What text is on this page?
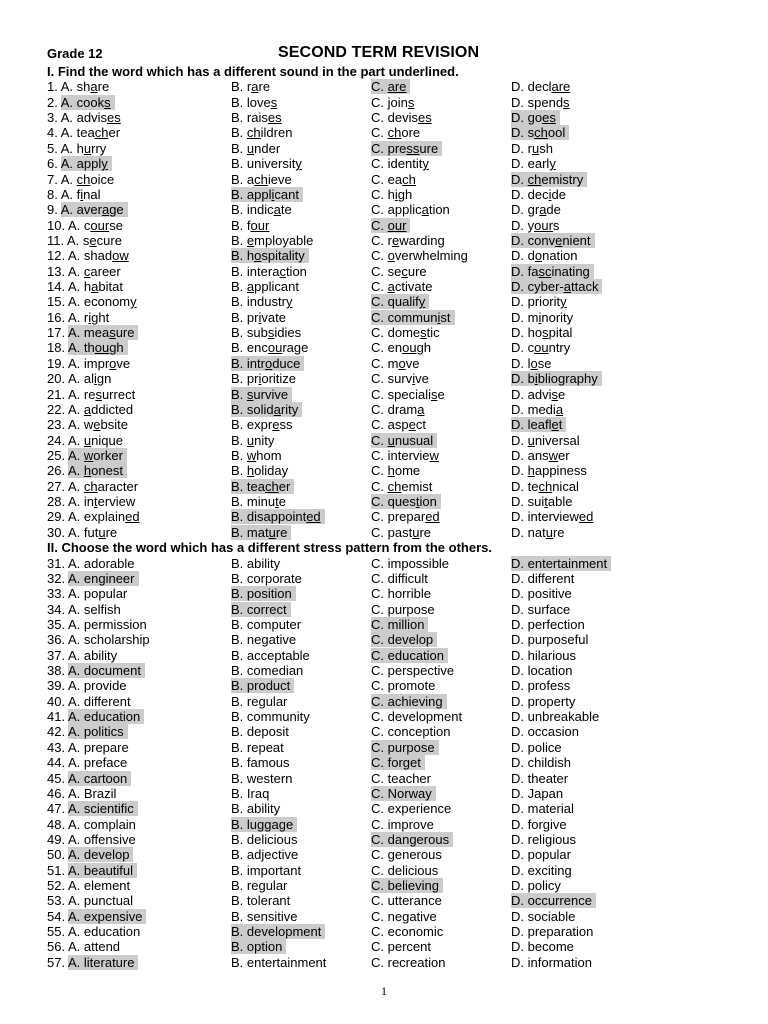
Grade 12	SECOND TERM REVISION
I. Find the word which has a different sound in the part underlined.
1. A. share	B. rare	C. are	D. declare
2. A. cooks	B. loves	C. joins	D. spends
3. A. advises	B. raises	C. devises	D. goes
4. A. teacher	B. children	C. chore	D. school
5. A. hurry	B. under	C. pressure	D. rush
6. A. apply	B. university	C. identity	D. early
7. A. choice	B. achieve	C. each	D. chemistry
8. A. final	B. applicant	C. high	D. decide
9. A. average	B. indicate	C. application	D. grade
10. A. course	B. four	C. our	D. yours
11. A. secure	B. employable	C. rewarding	D. convenient
12. A. shadow	B. hospitality	C. overwhelming	D. donation
13. A. career	B. interaction	C. secure	D. fascinating
14. A. habitat	B. applicant	C. activate	D. cyber-attack
15. A. economy	B. industry	C. qualify	D. priority
16. A. right	B. private	C. communist	D. minority
17. A. measure	B. subsidies	C. domestic	D. hospital
18. A. though	B. encourage	C. enough	D. country
19. A. improve	B. introduce	C. move	D. lose
20. A. align	B. prioritize	C. survive	D. bibliography
21. A. resurrect	B. survive	C. specialise	D. advise
22. A. addicted	B. solidarity	C. drama	D. media
23. A. website	B. express	C. aspect	D. leaflet
24. A. unique	B. unity	C. unusual	D. universal
25. A. worker	B. whom	C. interview	D. answer
26. A. honest	B. holiday	C. home	D. happiness
27. A. character	B. teacher	C. chemist	D. technical
28. A. interview	B. minute	C. question	D. suitable
29. A. explained	B. disappointed	C. prepared	D. interviewed
30. A. future	B. mature	C. pasture	D. nature
II. Choose the word which has a different stress pattern from the others.
31. A. adorable	B. ability	C. impossible	D. entertainment
32. A. engineer	B. corporate	C. difficult	D. different
33. A. popular	B. position	C. horrible	D. positive
34. A. selfish	B. correct	C. purpose	D. surface
35. A. permission	B. computer	C. million	D. perfection
36. A. scholarship	B. negative	C. develop	D. purposeful
37. A. ability	B. acceptable	C. education	D. hilarious
38. A. document	B. comedian	C. perspective	D. location
39. A. provide	B. product	C. promote	D. profess
40. A. different	B. regular	C. achieving	D. property
41. A. education	B. community	C. development	D. unbreakable
42. A. politics	B. deposit	C. conception	D. occasion
43. A. prepare	B. repeat	C. purpose	D. police
44. A. preface	B. famous	C. forget	D. childish
45. A. cartoon	B. western	C. teacher	D. theater
46. A. Brazil	B. Iraq	C. Norway	D. Japan
47. A. scientific	B. ability	C. experience	D. material
48. A. complain	B. luggage	C. improve	D. forgive
49. A. offensive	B. delicious	C. dangerous	D. religious
50. A. develop	B. adjective	C. generous	D. popular
51. A. beautiful	B. important	C. delicious	D. exciting
52. A. element	B. regular	C. believing	D. policy
53. A. punctual	B. tolerant	C. utterance	D. occurrence
54. A. expensive	B. sensitive	C. negative	D. sociable
55. A. education	B. development	C. economic	D. preparation
56. A. attend	B. option	C. percent	D. become
57. A. literature	B. entertainment	C. recreation	D. information
1
